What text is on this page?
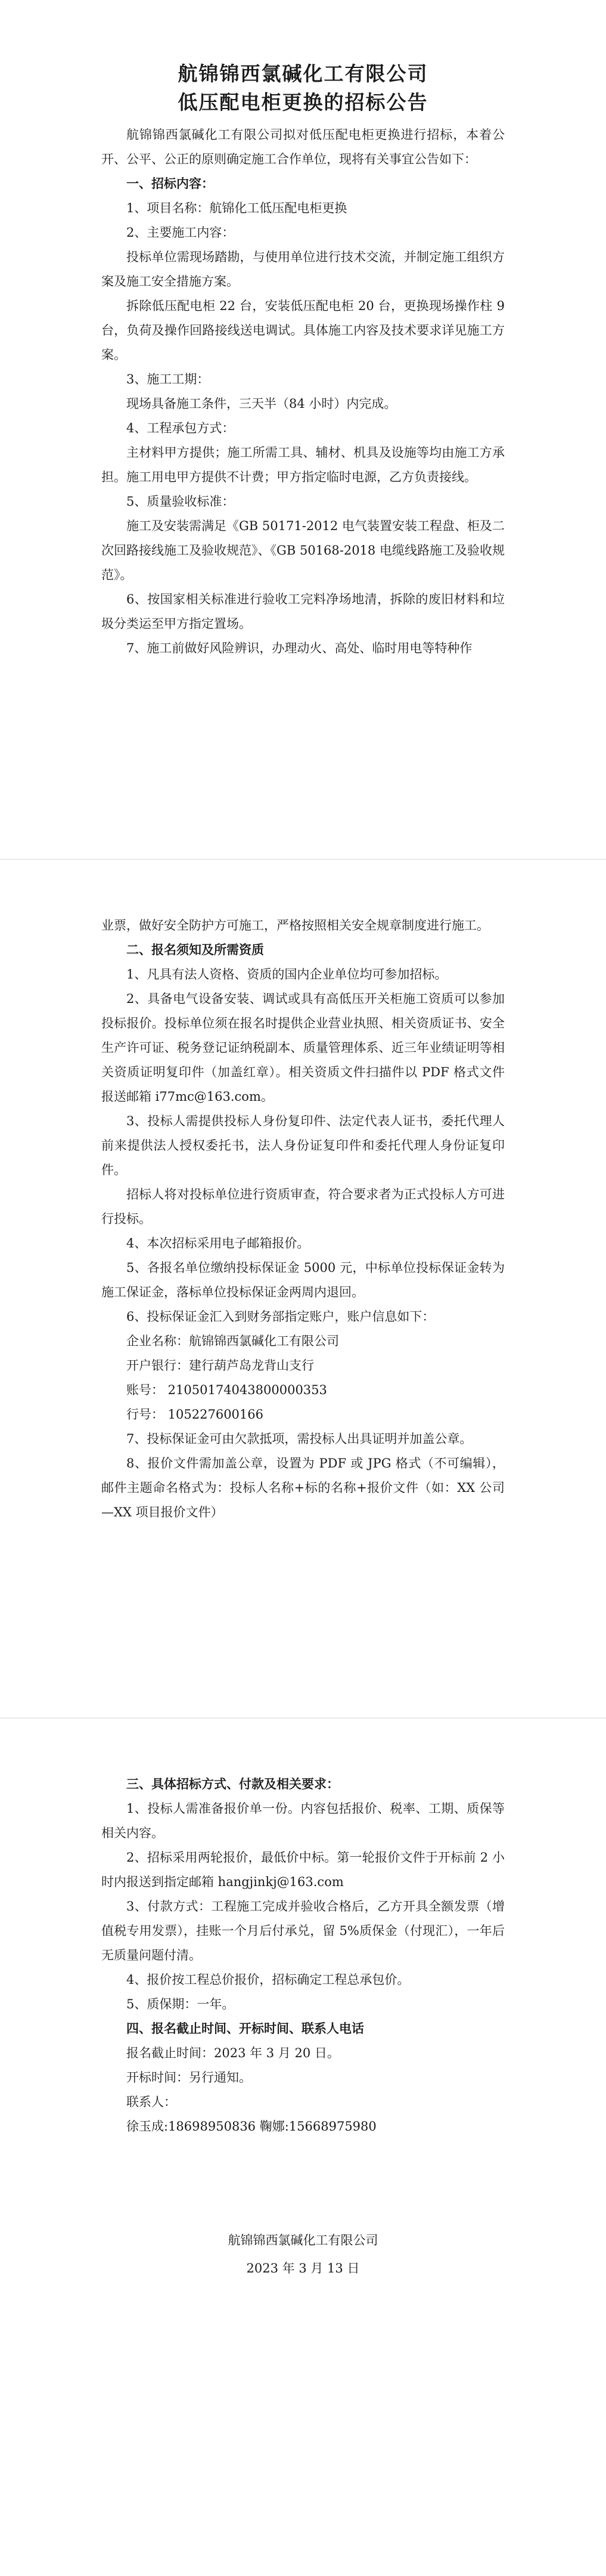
航锦锦西氯碱化工有限公司

低压配电柜更换的招标公告

航锦锦西氯碱化工有限公司拟对低压配电柜更换进行招标，本着公开、公平、公正的原则确定施工合作单位，现将有关事宜公告如下：

一、招标内容：

1、项目名称：航锦化工低压配电柜更换

2、主要施工内容：

投标单位需现场踏勘，与使用单位进行技术交流，并制定施工组织方案及施工安全措施方案。

拆除低压配电柜 22 台，安装低压配电柜 20 台，更换现场操作柱 9 台，负荷及操作回路接线送电调试。具体施工内容及技术要求详见施工方案。

3、施工工期：

现场具备施工条件，三天半（84 小时）内完成。

4、工程承包方式：

主材料甲方提供；施工所需工具、辅材、机具及设施等均由施工方承担。施工用电甲方提供不计费；甲方指定临时电源，乙方负责接线。

5、质量验收标准：

施工及安装需满足《GB 50171-2012 电气装置安装工程盘、柜及二次回路接线施工及验收规范》、《GB 50168-2018 电缆线路施工及验收规范》。

6、按国家相关标准进行验收工完料净场地清，拆除的废旧材料和垃圾分类运至甲方指定置场。

7、施工前做好风险辨识，办理动火、高处、临时用电等特种作

业票，做好安全防护方可施工，严格按照相关安全规章制度进行施工。

二、报名须知及所需资质

1、凡具有法人资格、资质的国内企业单位均可参加招标。

2、具备电气设备安装、调试或具有高低压开关柜施工资质可以参加投标报价。投标单位须在报名时提供企业营业执照、相关资质证书、安全生产许可证、税务登记证纳税副本、质量管理体系、近三年业绩证明等相关资质证明复印件（加盖红章）。相关资质文件扫描件以 PDF 格式文件报送邮箱 i77mc@163.com。

3、投标人需提供投标人身份复印件、法定代表人证书，委托代理人前来提供法人授权委托书，法人身份证复印件和委托代理人身份证复印件。

招标人将对投标单位进行资质审查，符合要求者为正式投标人方可进行投标。

4、本次招标采用电子邮箱报价。

5、各报名单位缴纳投标保证金 5000 元，中标单位投标保证金转为施工保证金，落标单位投标保证金两周内退回。

6、投标保证金汇入到财务部指定账户，账户信息如下：

企业名称：航锦锦西氯碱化工有限公司

开户银行：建行葫芦岛龙背山支行

账号： 21050174043800000353

行号： 105227600166

7、投标保证金可由欠款抵项，需投标人出具证明并加盖公章。

8、报价文件需加盖公章，设置为 PDF 或 JPG 格式（不可编辑），邮件主题命名格式为：投标人名称+标的名称+报价文件（如：XX 公司—XX 项目报价文件）

三、具体招标方式、付款及相关要求：

1、投标人需准备报价单一份。内容包括报价、税率、工期、质保等相关内容。

2、招标采用两轮报价，最低价中标。第一轮报价文件于开标前 2 小时内报送到指定邮箱 hangjinkj@163.com

3、付款方式：工程施工完成并验收合格后，乙方开具全额发票（增值税专用发票），挂账一个月后付承兑，留 5%质保金（付现汇），一年后无质量问题付清。

4、报价按工程总价报价，招标确定工程总承包价。

5、质保期：一年。

四、报名截止时间、开标时间、联系人电话

报名截止时间：2023 年 3 月 20 日。

开标时间：另行通知。

联系人：

徐玉成:18698950836 鞠娜:15668975980

航锦锦西氯碱化工有限公司

2023 年 3 月 13 日
